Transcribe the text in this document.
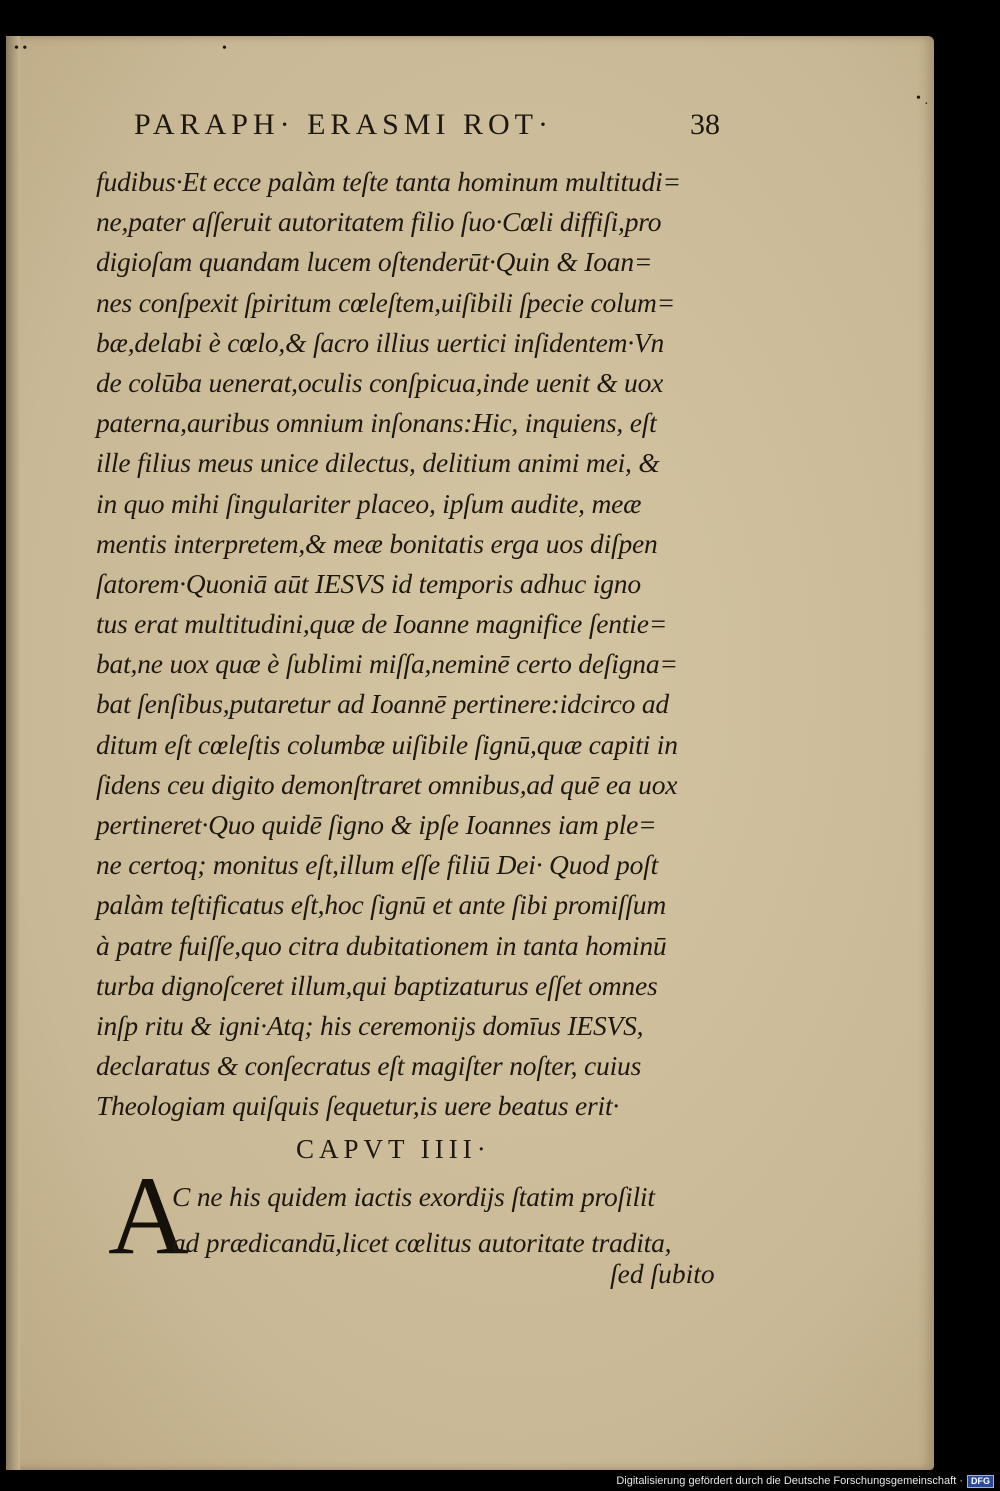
• •	•
• ·
PARAPH· ERASMI ROT·	38
fudibus·Et ecce palàm teſte tanta hominum multitudi=
ne,pater aſſeruit autoritatem filio ſuo·Cœli diffiſi,pro
digioſam quandam lucem oſtenderūt·Quin & Ioan=
nes conſpexit ſpiritum cœleſtem,uiſibili ſpecie colum=
bæ,delabi è cœlo,& ſacro illius uertici inſidentem·Vn
de colūba uenerat,oculis conſpicua,inde uenit & uox
paterna,auribus omnium inſonans:Hic, inquiens, eſt
ille filius meus unice dilectus, delitium animi mei, &
in quo mihi ſingulariter placeo, ipſum audite, meæ
mentis interpretem,& meæ bonitatis erga uos diſpen
ſatorem·Quoniā aūt IESVS id temporis adhuc igno
tus erat multitudini,quæ de Ioanne magnifice ſentie=
bat,ne uox quæ è ſublimi miſſa,neminē certo deſigna=
bat ſenſibus,putaretur ad Ioannē pertinere:idcirco ad
ditum eſt cœleſtis columbæ uiſibile ſignū,quæ capiti in
ſidens ceu digito demonſtraret omnibus,ad quē ea uox
pertineret·Quo quidē ſigno & ipſe Ioannes iam ple=
ne certoq; monitus eſt,illum eſſe filiū Dei· Quod poſt
palàm teſtificatus eſt,hoc ſignū et ante ſibi promiſſum
à patre fuiſſe,quo citra dubitationem in tanta hominū
turba dignoſceret illum,qui baptizaturus eſſet omnes
inſp ritu & igni·Atq; his ceremonijs domīus IESVS,
declaratus & conſecratus eſt magiſter noſter, cuius
Theologiam quiſquis ſequetur,is uere beatus erit·
CAPVT IIII·
A
C ne his quidem iactis exordijs ſtatim proſilit
ad prædicandū,licet cœlitus autoritate tradita,
ſed ſubito
Digitalisierung gefördert durch die Deutsche Forschungsgemeinschaft · DFG
